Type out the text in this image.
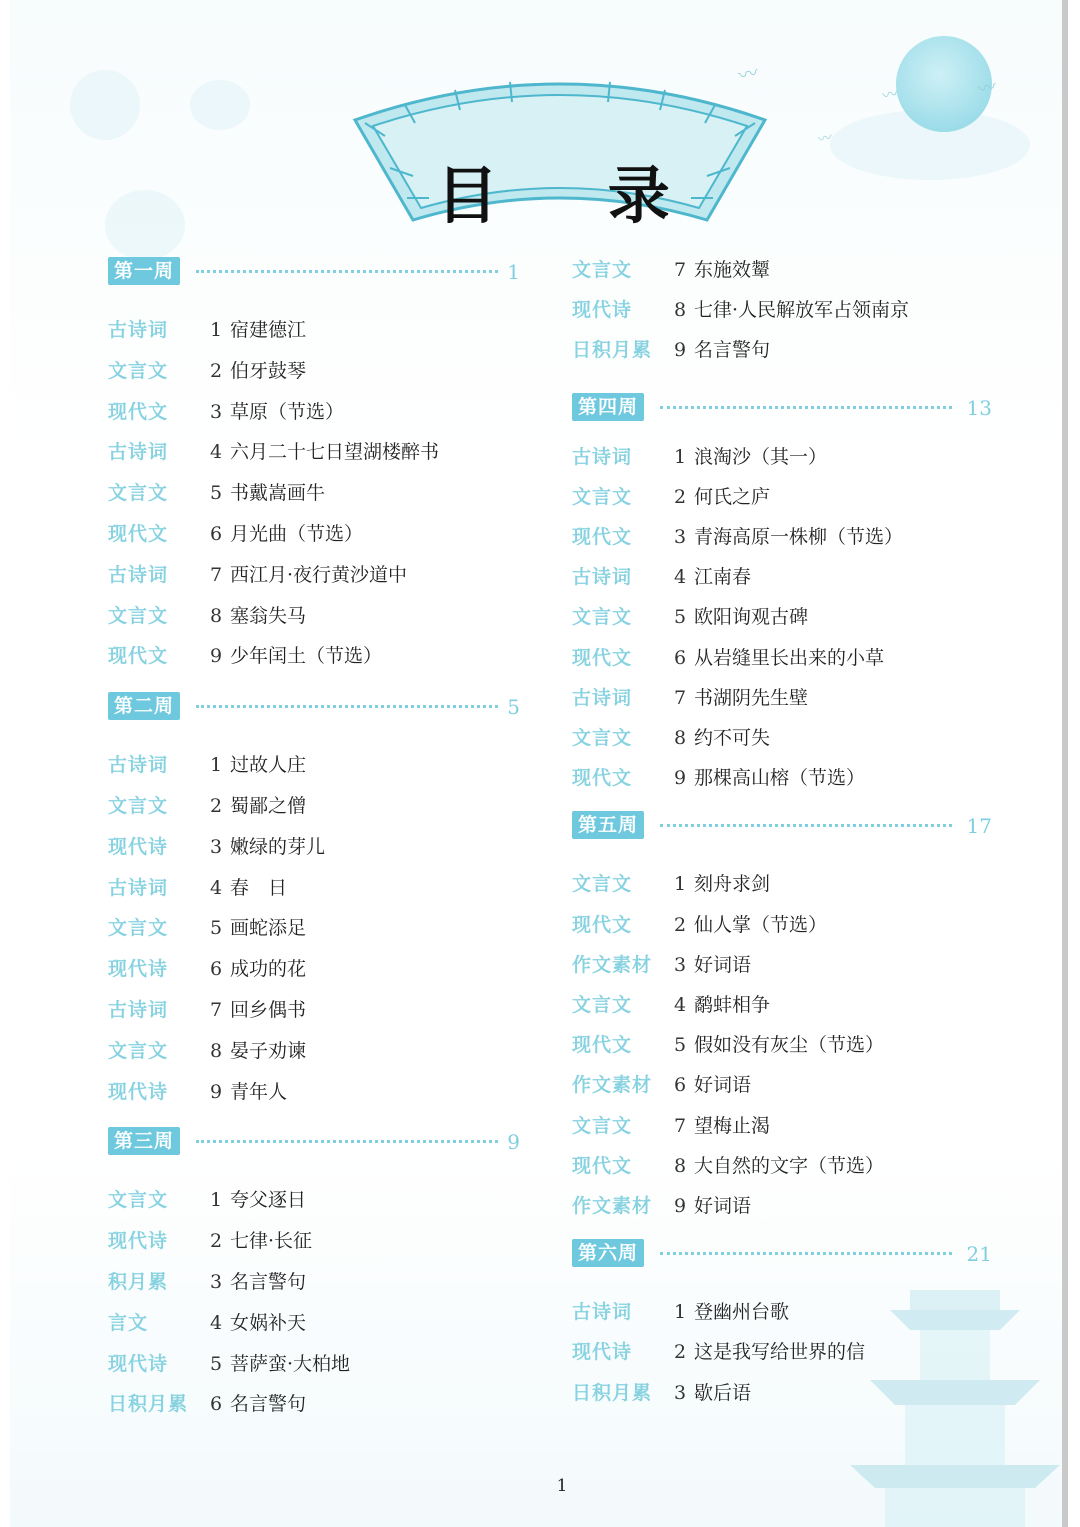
〰
〰	〰
〰
目 录
第一周	1
古诗词 1 宿建德江
文言文 2 伯牙鼓琴
现代文 3 草原（节选）
古诗词 4 六月二十七日望湖楼醉书
文言文 5 书戴嵩画牛
现代文 6 月光曲（节选）
古诗词 7 西江月·夜行黄沙道中
文言文 8 塞翁失马
现代文 9 少年闰土（节选）
第二周	5
古诗词 1 过故人庄
文言文 2 蜀鄙之僧
现代诗 3 嫩绿的芽儿
古诗词 4 春　日
文言文 5 画蛇添足
现代诗 6 成功的花
古诗词 7 回乡偶书
文言文 8 晏子劝谏
现代诗 9 青年人
第三周	9
文言文 1 夸父逐日
现代诗 2 七律·长征
积月累 3 名言警句
言文	4 女娲补天
现代诗 5 菩萨蛮·大柏地
日积月累 6 名言警句
文言文 7 东施效颦
现代诗 8 七律·人民解放军占领南京
日积月累 9 名言警句
第四周	13
古诗词 1 浪淘沙（其一）
文言文 2 何氏之庐
现代文 3 青海高原一株柳（节选）
古诗词 4 江南春
文言文 5 欧阳询观古碑
现代文 6 从岩缝里长出来的小草
古诗词 7 书湖阴先生壁
文言文 8 约不可失
现代文 9 那棵高山榕（节选）
第五周	17
文言文 1 刻舟求剑
现代文 2 仙人掌（节选）
作文素材 3 好词语
文言文 4 鹬蚌相争
现代文 5 假如没有灰尘（节选）
作文素材 6 好词语
文言文 7 望梅止渴
现代文 8 大自然的文字（节选）
作文素材 9 好词语
第六周	21
古诗词 1 登幽州台歌
现代诗 2 这是我写给世界的信
日积月累 3 歇后语
1
